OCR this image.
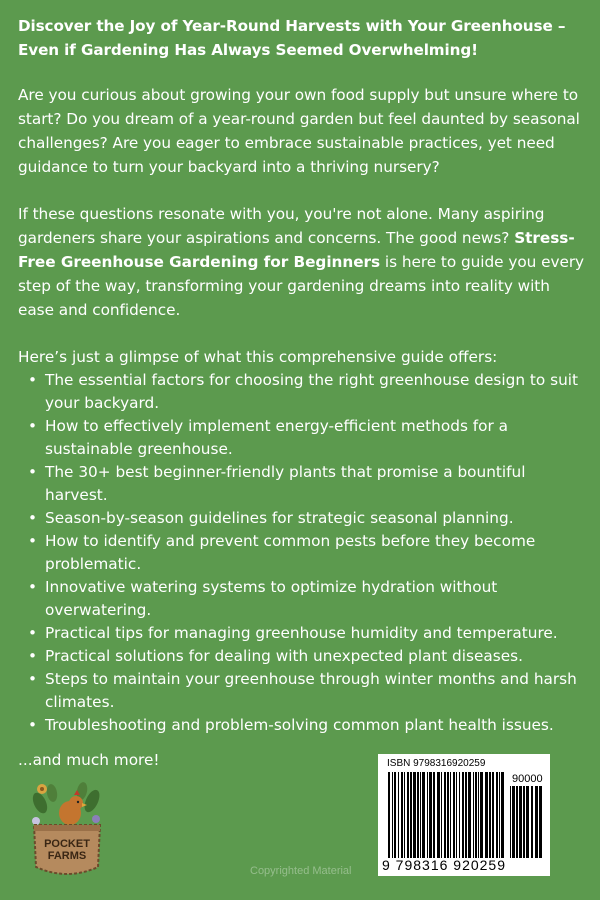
Discover the Joy of Year-Round Harvests with Your Greenhouse – Even if Gardening Has Always Seemed Overwhelming!

Are you curious about growing your own food supply but unsure where to start? Do you dream of a year-round garden but feel daunted by seasonal challenges? Are you eager to embrace sustainable practices, yet need guidance to turn your backyard into a thriving nursery?

If these questions resonate with you, you're not alone. Many aspiring gardeners share your aspirations and concerns. The good news? Stress-Free Greenhouse Gardening for Beginners is here to guide you every step of the way, transforming your gardening dreams into reality with ease and confidence.

Here’s just a glimpse of what this comprehensive guide offers:

• The essential factors for choosing the right greenhouse design to suit your backyard.
• How to effectively implement energy-efficient methods for a sustainable greenhouse.
• The 30+ best beginner-friendly plants that promise a bountiful harvest.
• Season-by-season guidelines for strategic seasonal planning.
• How to identify and prevent common pests before they become problematic.
• Innovative watering systems to optimize hydration without overwatering.
• Practical tips for managing greenhouse humidity and temperature.
• Practical solutions for dealing with unexpected plant diseases.
• Steps to maintain your greenhouse through winter months and harsh climates.
• Troubleshooting and problem-solving common plant health issues.
...and much more!
POCKET
FARMS
Copyrighted Material
ISBN 9798316920259
90000
9 798316 920259
